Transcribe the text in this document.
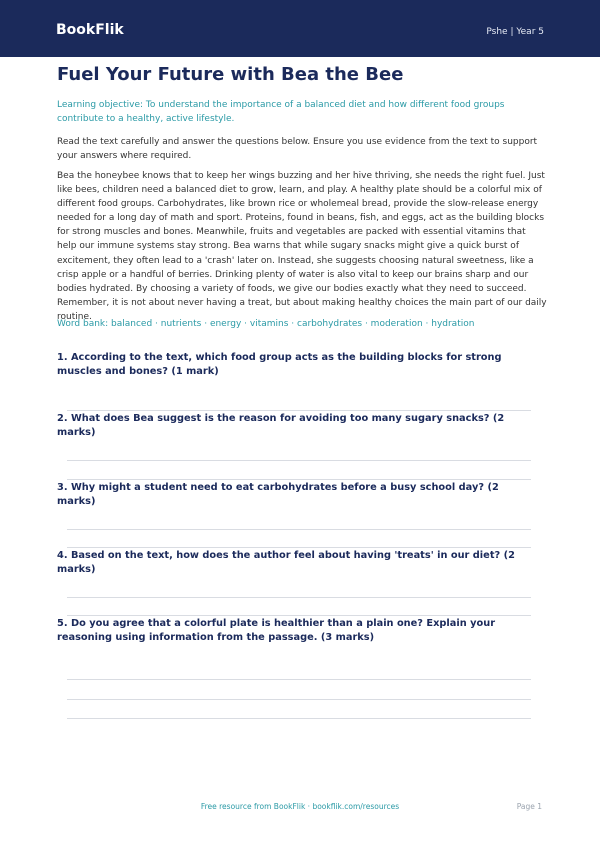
BookFlik	Pshe | Year 5
Fuel Your Future with Bea the Bee
Learning objective: To understand the importance of a balanced diet and how different food groups contribute to a healthy, active lifestyle.
Read the text carefully and answer the questions below. Ensure you use evidence from the text to support your answers where required.
Bea the honeybee knows that to keep her wings buzzing and her hive thriving, she needs the right fuel. Just like bees, children need a balanced diet to grow, learn, and play. A healthy plate should be a colorful mix of different food groups. Carbohydrates, like brown rice or wholemeal bread, provide the slow-release energy needed for a long day of math and sport. Proteins, found in beans, fish, and eggs, act as the building blocks for strong muscles and bones. Meanwhile, fruits and vegetables are packed with essential vitamins that help our immune systems stay strong. Bea warns that while sugary snacks might give a quick burst of excitement, they often lead to a 'crash' later on. Instead, she suggests choosing natural sweetness, like a crisp apple or a handful of berries. Drinking plenty of water is also vital to keep our brains sharp and our bodies hydrated. By choosing a variety of foods, we give our bodies exactly what they need to succeed. Remember, it is not about never having a treat, but about making healthy choices the main part of our daily routine.
Word bank: balanced · nutrients · energy · vitamins · carbohydrates · moderation · hydration
1. According to the text, which food group acts as the building blocks for strong muscles and bones? (1 mark)
2. What does Bea suggest is the reason for avoiding too many sugary snacks? (2 marks)
3. Why might a student need to eat carbohydrates before a busy school day? (2 marks)
4. Based on the text, how does the author feel about having 'treats' in our diet? (2 marks)
5. Do you agree that a colorful plate is healthier than a plain one? Explain your reasoning using information from the passage. (3 marks)
Free resource from BookFlik · bookflik.com/resources	Page 1
